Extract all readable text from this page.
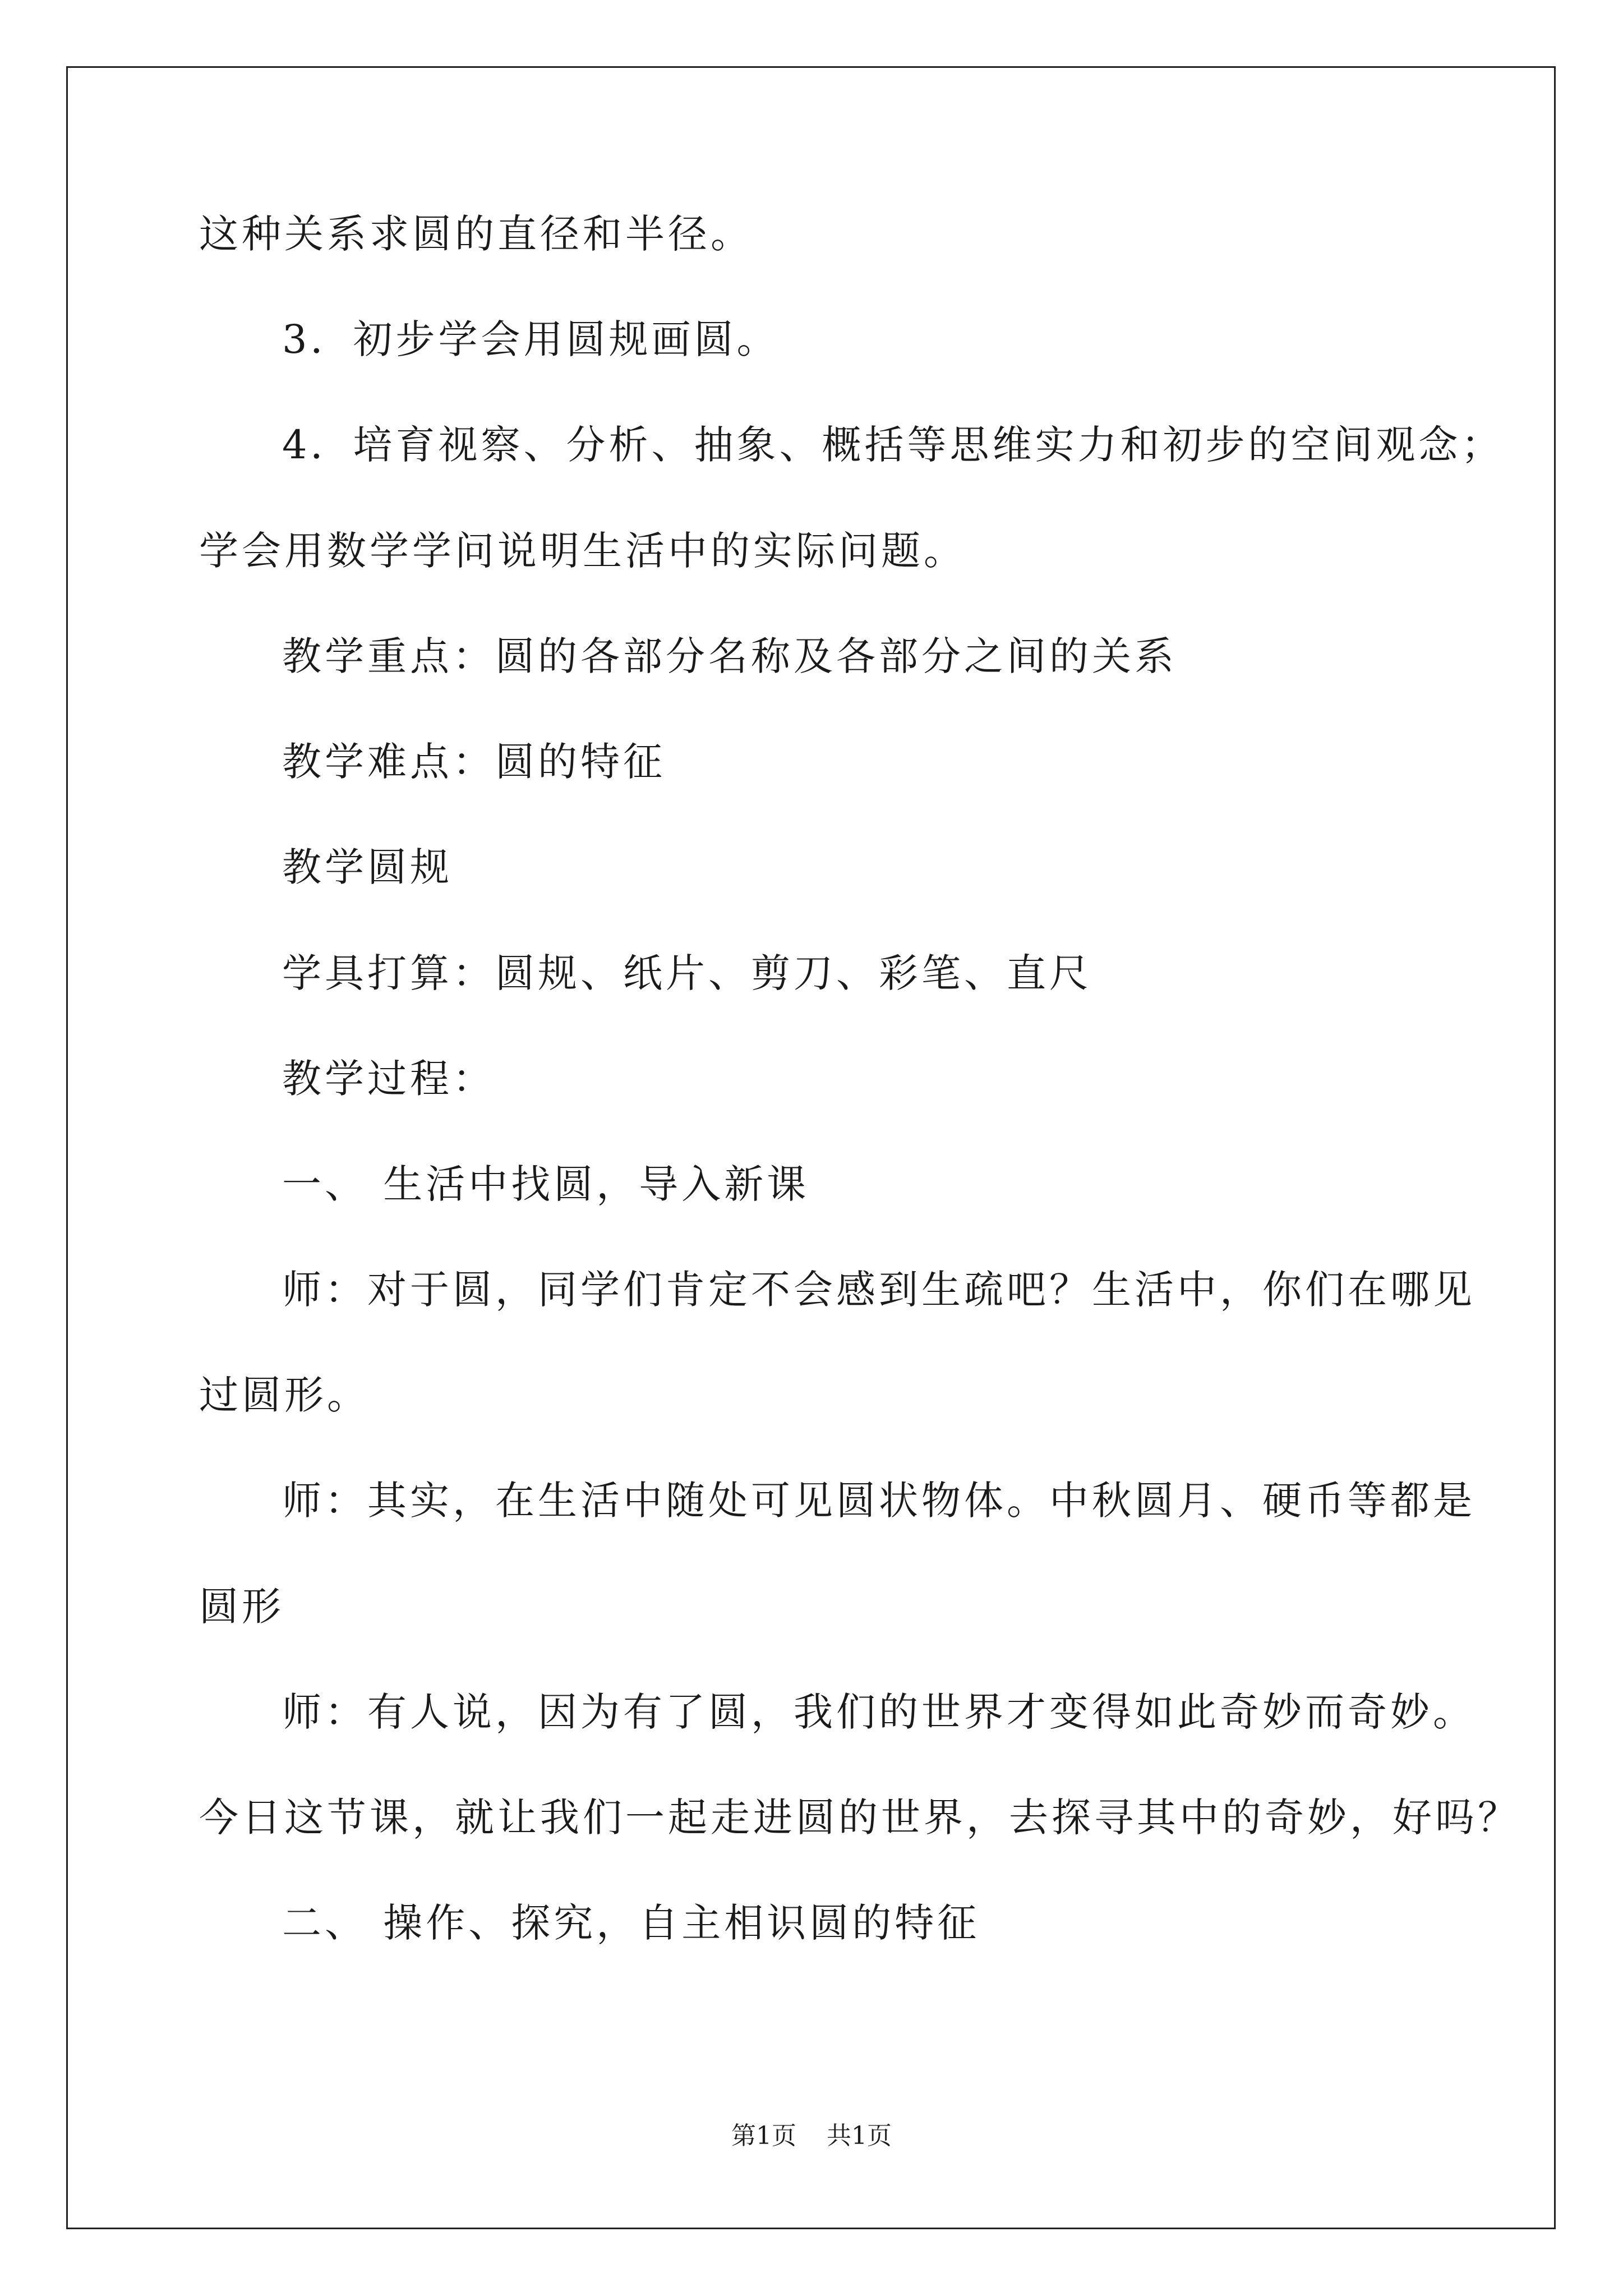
这种关系求圆的直径和半径。
3．初步学会用圆规画圆。
4．培育视察、分析、抽象、概括等思维实力和初步的空间观念；
学会用数学学问说明生活中的实际问题。
教学重点：圆的各部分名称及各部分之间的关系
教学难点：圆的特征
教学圆规
学具打算：圆规、纸片、剪刀、彩笔、直尺
教学过程：
一、 生活中找圆，导入新课
师：对于圆，同学们肯定不会感到生疏吧？生活中，你们在哪见
过圆形。
师：其实，在生活中随处可见圆状物体。中秋圆月、硬币等都是
圆形
师：有人说，因为有了圆，我们的世界才变得如此奇妙而奇妙。
今日这节课，就让我们一起走进圆的世界，去探寻其中的奇妙，好吗？
二、 操作、探究，自主相识圆的特征
第1页 共1页
